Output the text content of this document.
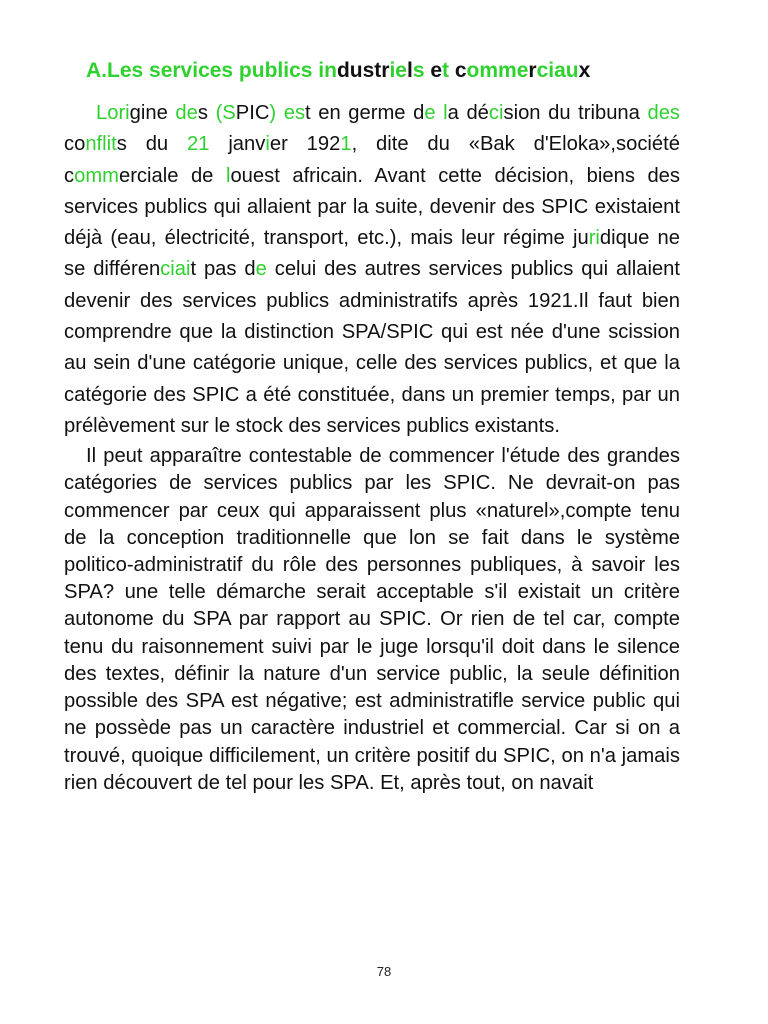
A.Les services publics industriels et commerciaux

Lorigine des (SPIC) est en germe de la décision du tribuna des conflits du 21 janvier 1921, dite du «Bak d'Eloka»,société commerciale de louest africain. Avant cette décision, biens des services publics qui allaient par la suite, devenir des SPIC existaient déjà (eau, électricité, transport, etc.), mais leur régime juridique ne se différenciait pas de celui des autres services publics qui allaient devenir des services publics administratifs après 1921.Il faut bien comprendre que la distinction SPA/SPIC qui est née d'une scission au sein d'une catégorie unique, celle des services publics, et que la catégorie des SPIC a été constituée, dans un premier temps, par un prélèvement sur le stock des services publics existants.

Il peut apparaître contestable de commencer l'étude des grandes catégories de services publics par les SPIC. Ne devrait-on pas commencer par ceux qui apparaissent plus «naturel»,compte tenu de la conception traditionnelle que lon se fait dans le système politico-administratif du rôle des personnes publiques, à savoir les SPA? une telle démarche serait acceptable s'il existait un critère autonome du SPA par rapport au SPIC. Or rien de tel car, compte tenu du raisonnement suivi par le juge lorsqu'il doit dans le silence des textes, définir la nature d'un service public, la seule définition possible des SPA est négative; est administratifle service public qui ne possède pas un caractère industriel et commercial. Car si on a trouvé, quoique difficilement, un critère positif du SPIC, on n'a jamais rien découvert de tel pour les SPA. Et, après tout, on navait

78
